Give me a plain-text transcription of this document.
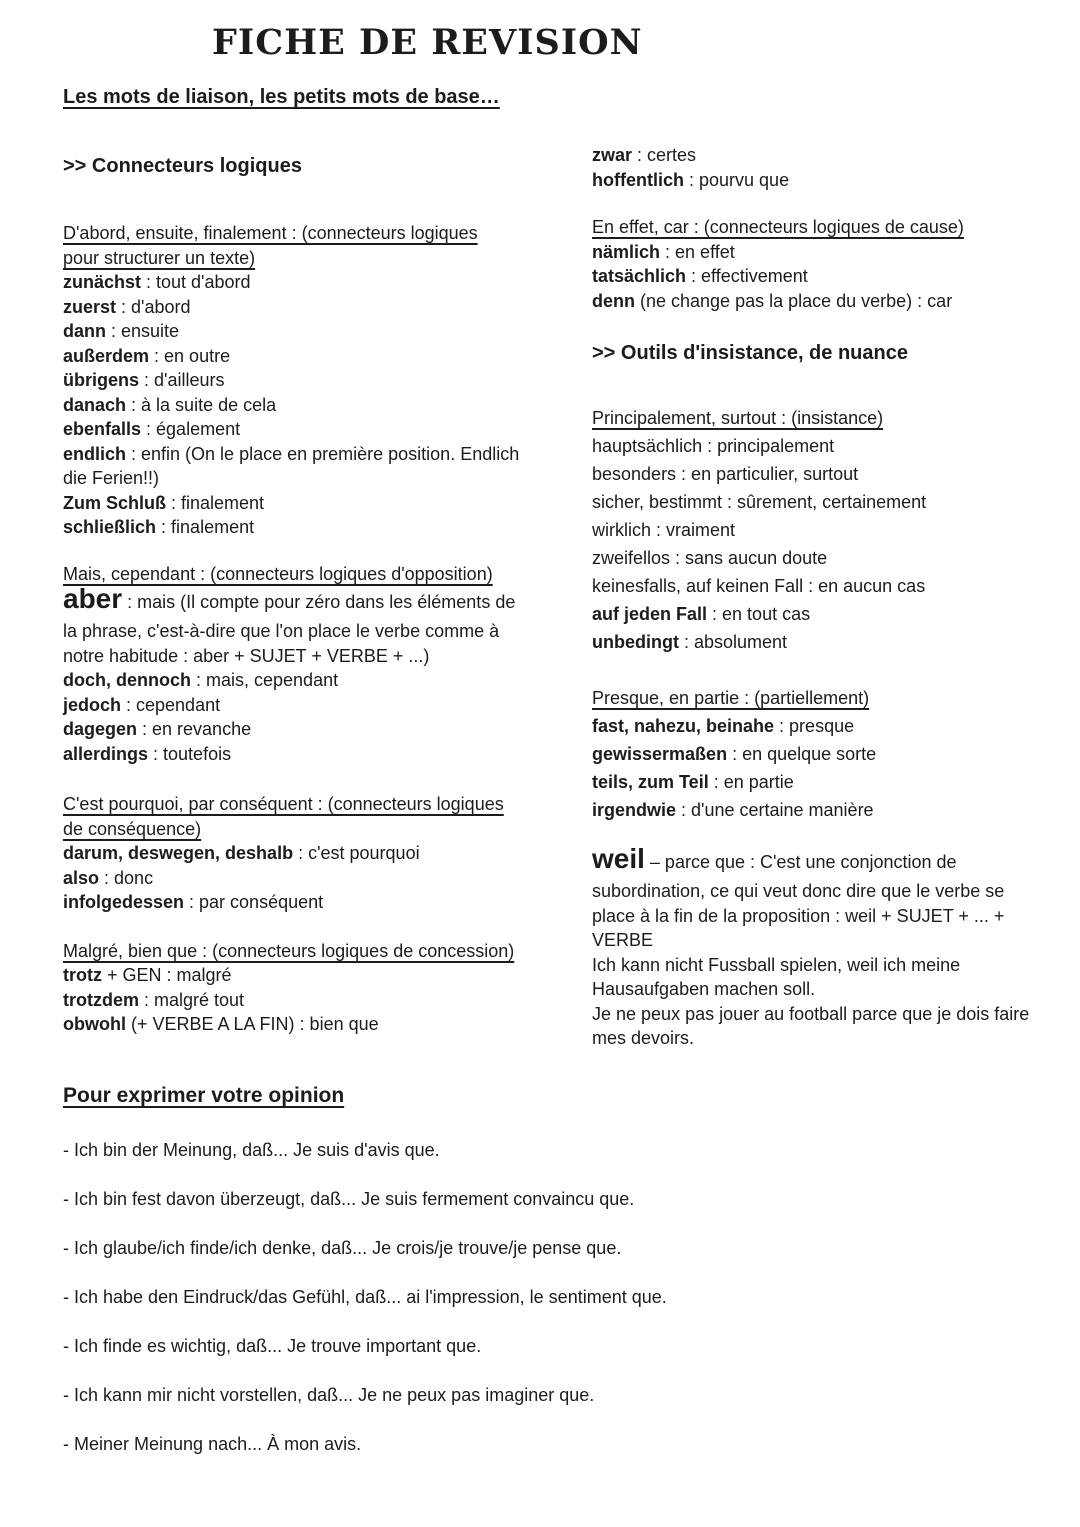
FICHE DE REVISION
Les mots de liaison, les petits mots de base…
>> Connecteurs logiques
D'abord, ensuite, finalement : (connecteurs logiques
pour structurer un texte)
zunächst : tout d'abord
zuerst : d'abord
dann : ensuite
außerdem : en outre
übrigens : d'ailleurs
danach : à la suite de cela
ebenfalls : également
endlich : enfin (On le place en première position. Endlich
die Ferien!!)
Zum Schluß : finalement
schließlich : finalement
Mais, cependant : (connecteurs logiques d'opposition)
aber : mais (Il compte pour zéro dans les éléments de
la phrase, c'est-à-dire que l'on place le verbe comme à
notre habitude : aber + SUJET + VERBE + ...)
doch, dennoch : mais, cependant
jedoch : cependant
dagegen : en revanche
allerdings : toutefois
C'est pourquoi, par conséquent : (connecteurs logiques
de conséquence)
darum, deswegen, deshalb : c'est pourquoi
also : donc
infolgedessen : par conséquent
Malgré, bien que : (connecteurs logiques de concession)
trotz + GEN : malgré
trotzdem : malgré tout
obwohl (+ VERBE A LA FIN) : bien que
zwar : certes
hoffentlich : pourvu que
En effet, car : (connecteurs logiques de cause)
nämlich : en effet
tatsächlich : effectivement
denn (ne change pas la place du verbe) : car
>> Outils d'insistance, de nuance
Principalement, surtout : (insistance)
hauptsächlich : principalement
besonders : en particulier, surtout
sicher, bestimmt : sûrement, certainement
wirklich : vraiment
zweifellos : sans aucun doute
keinesfalls, auf keinen Fall : en aucun cas
auf jeden Fall : en tout cas
unbedingt : absolument
Presque, en partie : (partiellement)
fast, nahezu, beinahe : presque
gewissermaßen : en quelque sorte
teils, zum Teil : en partie
irgendwie : d'une certaine manière
weil – parce que : C'est une conjonction de
subordination, ce qui veut donc dire que le verbe se
place à la fin de la proposition : weil + SUJET + ... +
VERBE
Ich kann nicht Fussball spielen, weil ich meine
Hausaufgaben machen soll.
Je ne peux pas jouer au football parce que je dois faire
mes devoirs.
Pour exprimer votre opinion
- Ich bin der Meinung, daß... Je suis d'avis que.
- Ich bin fest davon überzeugt, daß... Je suis fermement convaincu que.
- Ich glaube/ich finde/ich denke, daß... Je crois/je trouve/je pense que.
- Ich habe den Eindruck/das Gefühl, daß... ai l'impression, le sentiment que.
- Ich finde es wichtig, daß... Je trouve important que.
- Ich kann mir nicht vorstellen, daß... Je ne peux pas imaginer que.
- Meiner Meinung nach... À mon avis.
